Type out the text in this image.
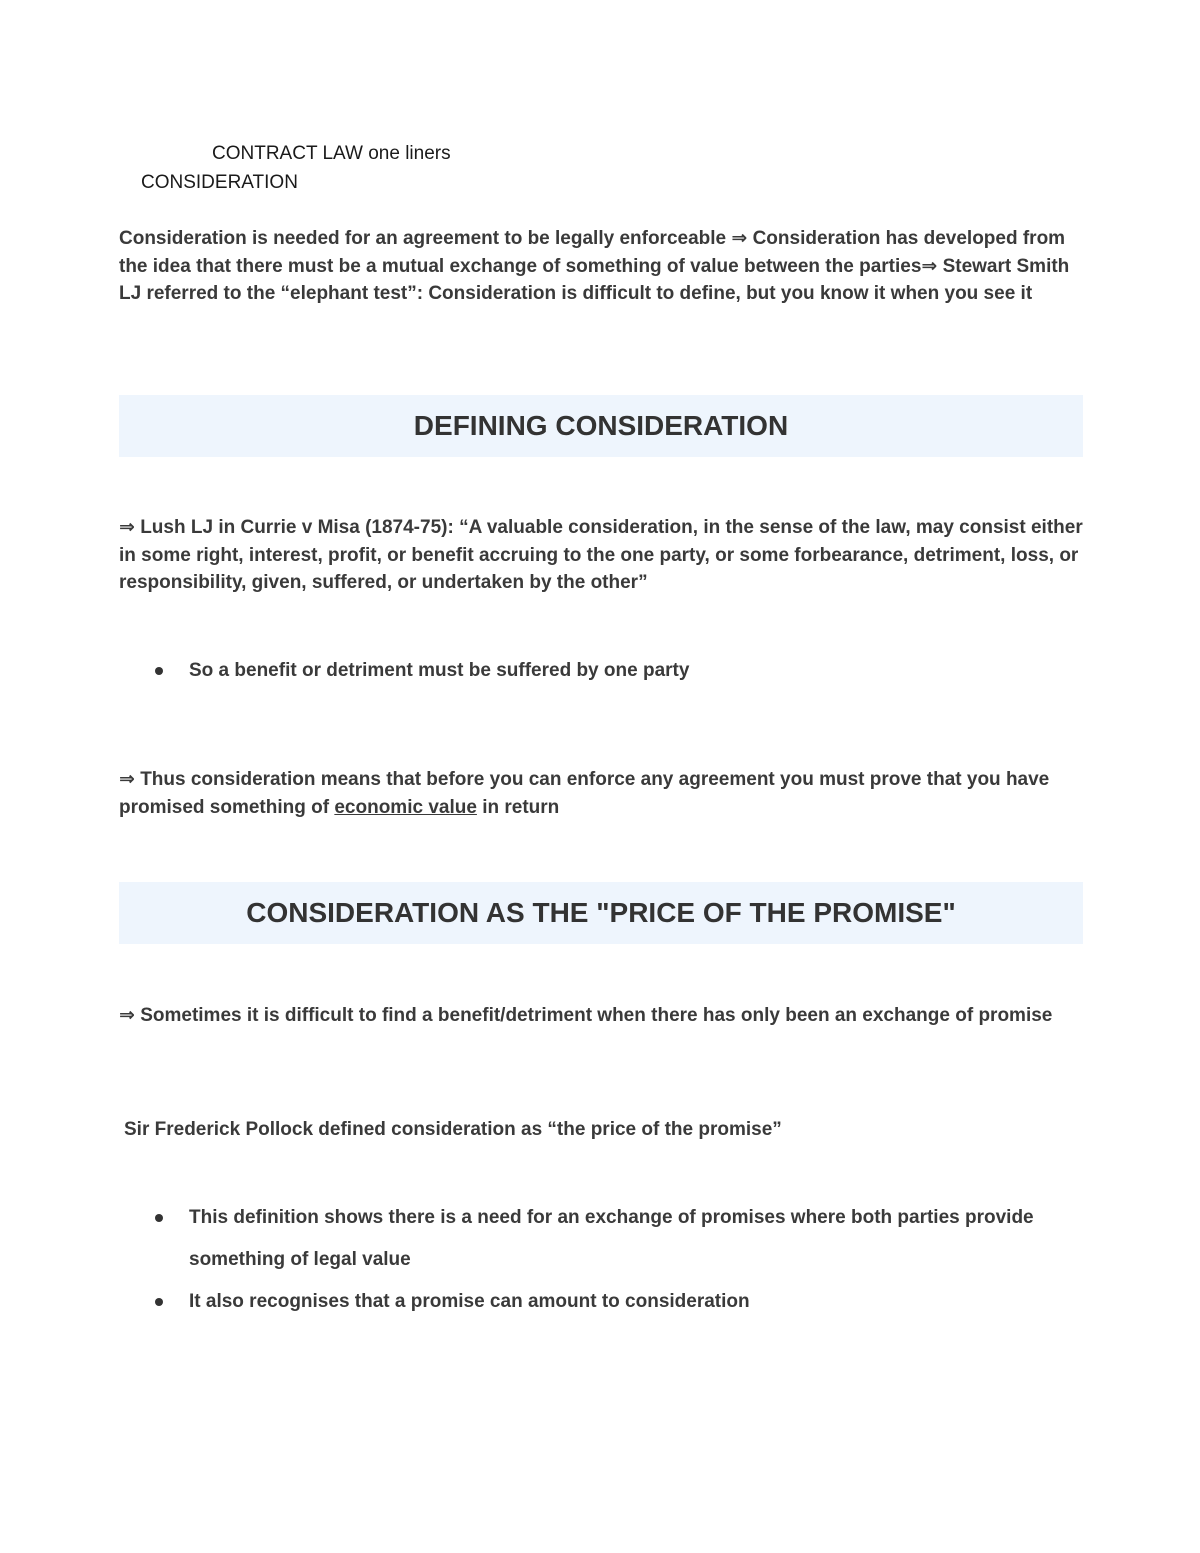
CONTRACT LAW one liners
CONSIDERATION
Consideration is needed for an agreement to be legally enforceable ⇒ Consideration has developed from the idea that there must be a mutual exchange of something of value between the parties⇒ Stewart Smith LJ referred to the “elephant test”: Consideration is difficult to define, but you know it when you see it
DEFINING CONSIDERATION
⇒ Lush LJ in Currie v Misa (1874-75): “A valuable consideration, in the sense of the law, may consist either in some right, interest, profit, or benefit accruing to the one party, or some forbearance, detriment, loss, or responsibility, given, suffered, or undertaken by the other”
So a benefit or detriment must be suffered by one party
⇒ Thus consideration means that before you can enforce any agreement you must prove that you have promised something of economic value in return
CONSIDERATION AS THE "PRICE OF THE PROMISE"
⇒ Sometimes it is difficult to find a benefit/detriment when there has only been an exchange of promise
Sir Frederick Pollock defined consideration as “the price of the promise”
This definition shows there is a need for an exchange of promises where both parties provide something of legal value
It also recognises that a promise can amount to consideration
